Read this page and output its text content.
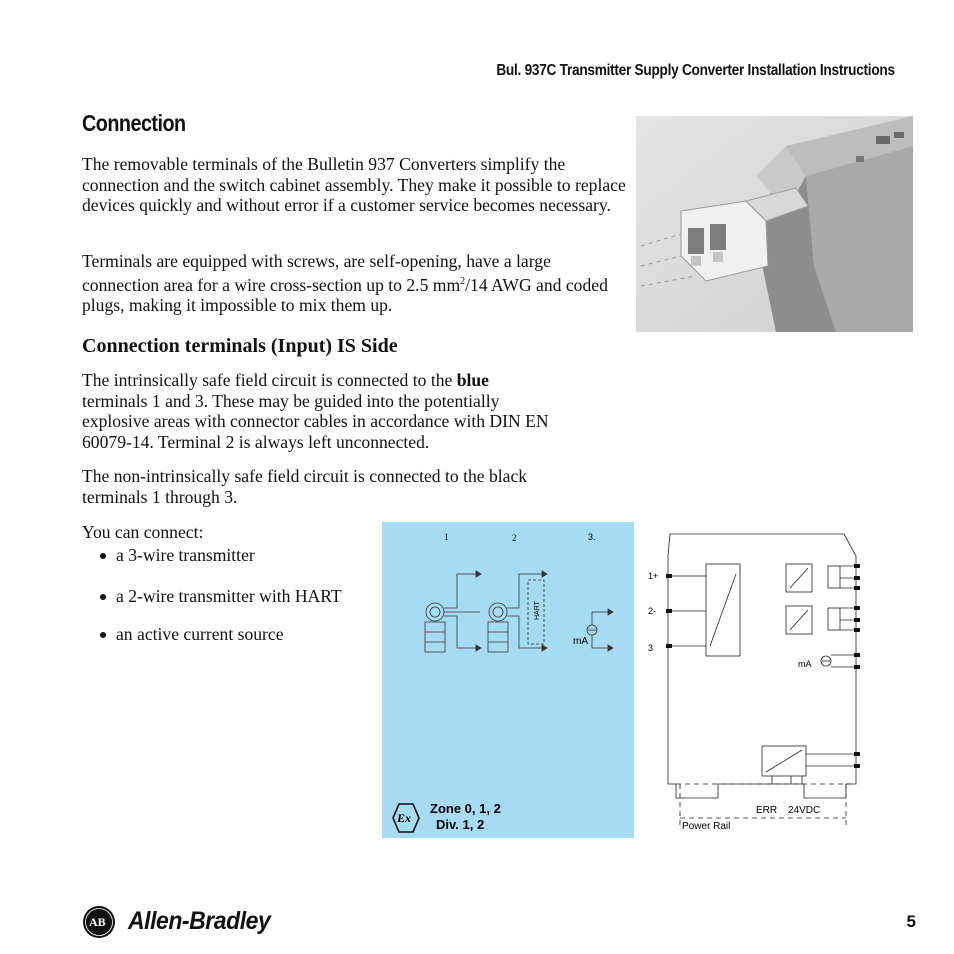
Bul. 937C Transmitter Supply Converter Installation Instructions
Connection

The removable terminals of the Bulletin 937 Converters simplify the connection and the switch cabinet assembly. They make it possible to replace devices quickly and without error if a customer service becomes necessary.

Terminals are equipped with screws, are self-opening, have a large connection area for a wire cross-section up to 2.5 $mm^2/14$ AWG and coded plugs, making it impossible to mix them up.

Connection terminals (Input) IS Side

The intrinsically safe field circuit is connected to the blue terminals 1 and 3. These may be guided into the potentially explosive areas with connector cables in accordance with DIN EN 60079-14. Terminal 2 is always left unconnected.

The non-intrinsically safe field circuit is connected to the black terminals 1 through 3.

You can connect:

a 3-wire transmitter
a 2-wire transmitter with HART
an active current source
1	2	3.
HART
mA
Ex
Zone 0, 1, 2
Div. 1, 2
1+
2-
3
mA
ERR 24VDC
Power Rail
AB Allen-Bradley	5
